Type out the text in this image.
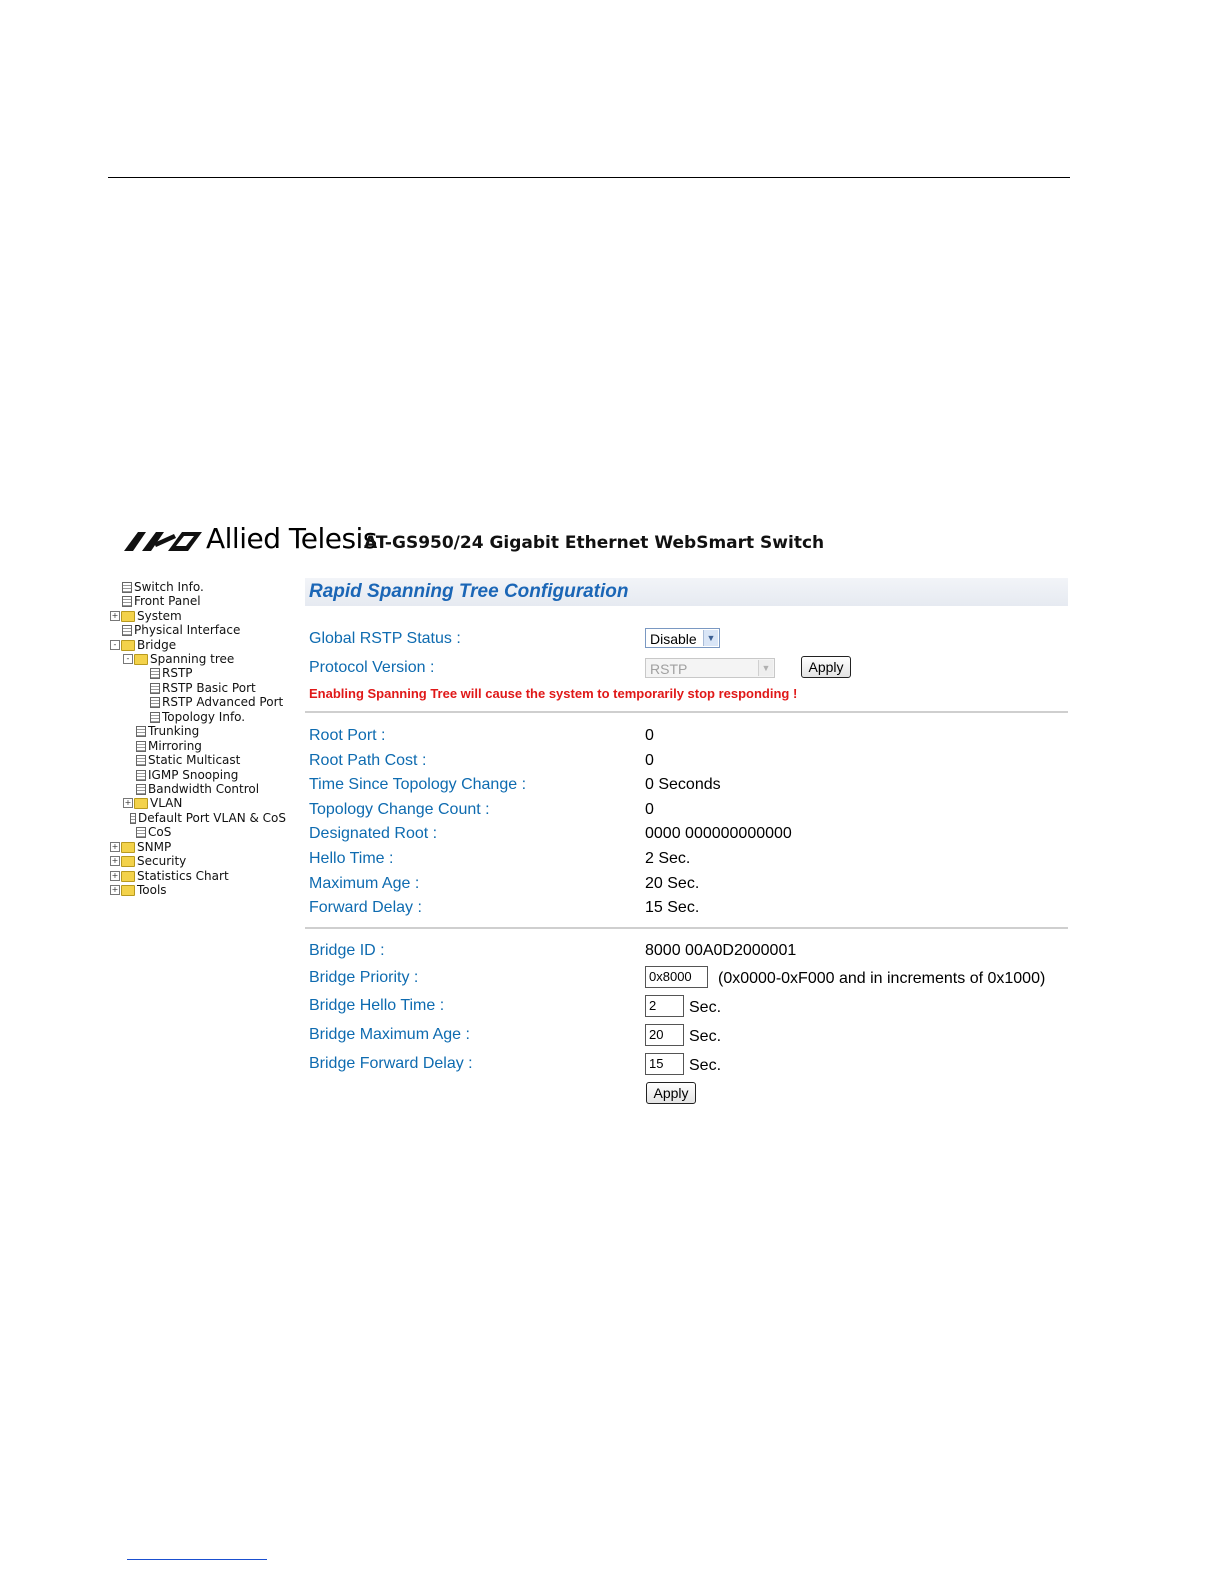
Allied Telesis
AT-GS950/24 Gigabit Ethernet WebSmart Switch
Switch Info.
Front Panel
+ System
Physical Interface
- Bridge
- Spanning tree
RSTP
RSTP Basic Port
RSTP Advanced Port
Topology Info.
Trunking
Mirroring
Static Multicast
IGMP Snooping
Bandwidth Control
+ VLAN
Default Port VLAN & CoS
CoS
+ SNMP
+ Security
+ Statistics Chart
+ Tools
Rapid Spanning Tree Configuration
Global RSTP Status :	Disable	▼
Protocol Version :	RSTP	▼	Apply
Enabling Spanning Tree will cause the system to temporarily stop responding !
Root Port :	0
Root Path Cost :	0
Time Since Topology Change :	0 Seconds
Topology Change Count :	0
Designated Root :	0000 000000000000
Hello Time :	2 Sec.
Maximum Age :	20 Sec.
Forward Delay :	15 Sec.
Bridge ID :	8000 00A0D2000001
Bridge Priority :	0x8000	(0x0000-0xF000 and in increments of 0x1000)
Bridge Hello Time :	2	Sec.
Bridge Maximum Age :	20	Sec.
Bridge Forward Delay :	15	Sec.
Apply
